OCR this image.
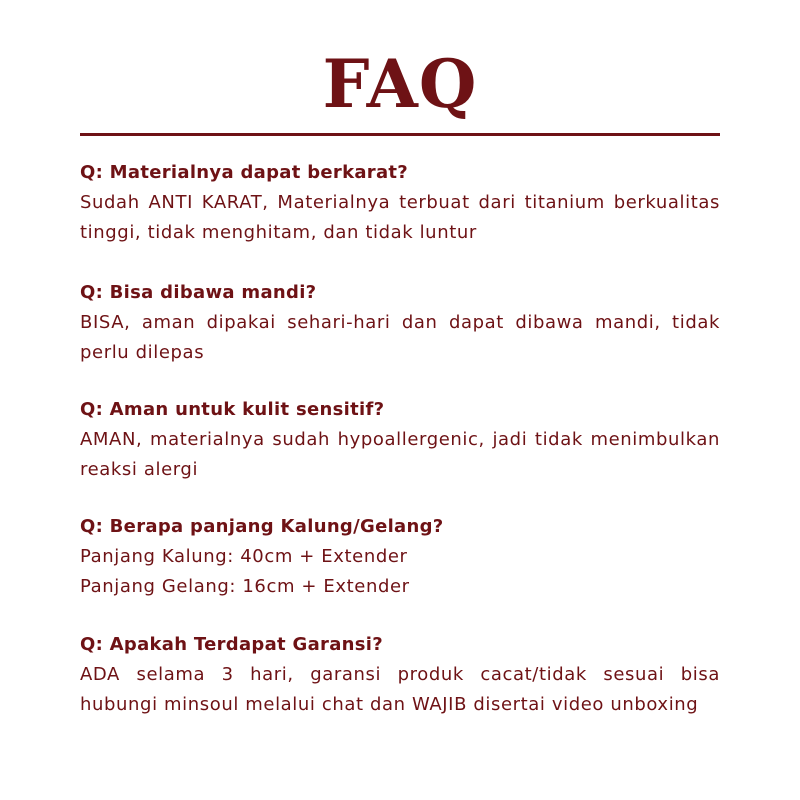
FAQ
Q: Materialnya dapat berkarat?
Sudah ANTI KARAT, Materialnya terbuat dari titanium berkualitas tinggi, tidak menghitam, dan tidak luntur
Q: Bisa dibawa mandi?
BISA, aman dipakai sehari-hari dan dapat dibawa mandi, tidak perlu dilepas
Q: Aman untuk kulit sensitif?
AMAN, materialnya sudah hypoallergenic, jadi tidak menimbulkan reaksi alergi
Q: Berapa panjang Kalung/Gelang?
Panjang Kalung: 40cm + Extender
Panjang Gelang: 16cm + Extender
Q: Apakah Terdapat Garansi?
ADA selama 3 hari, garansi produk cacat/tidak sesuai bisa hubungi minsoul melalui chat dan WAJIB disertai video unboxing
